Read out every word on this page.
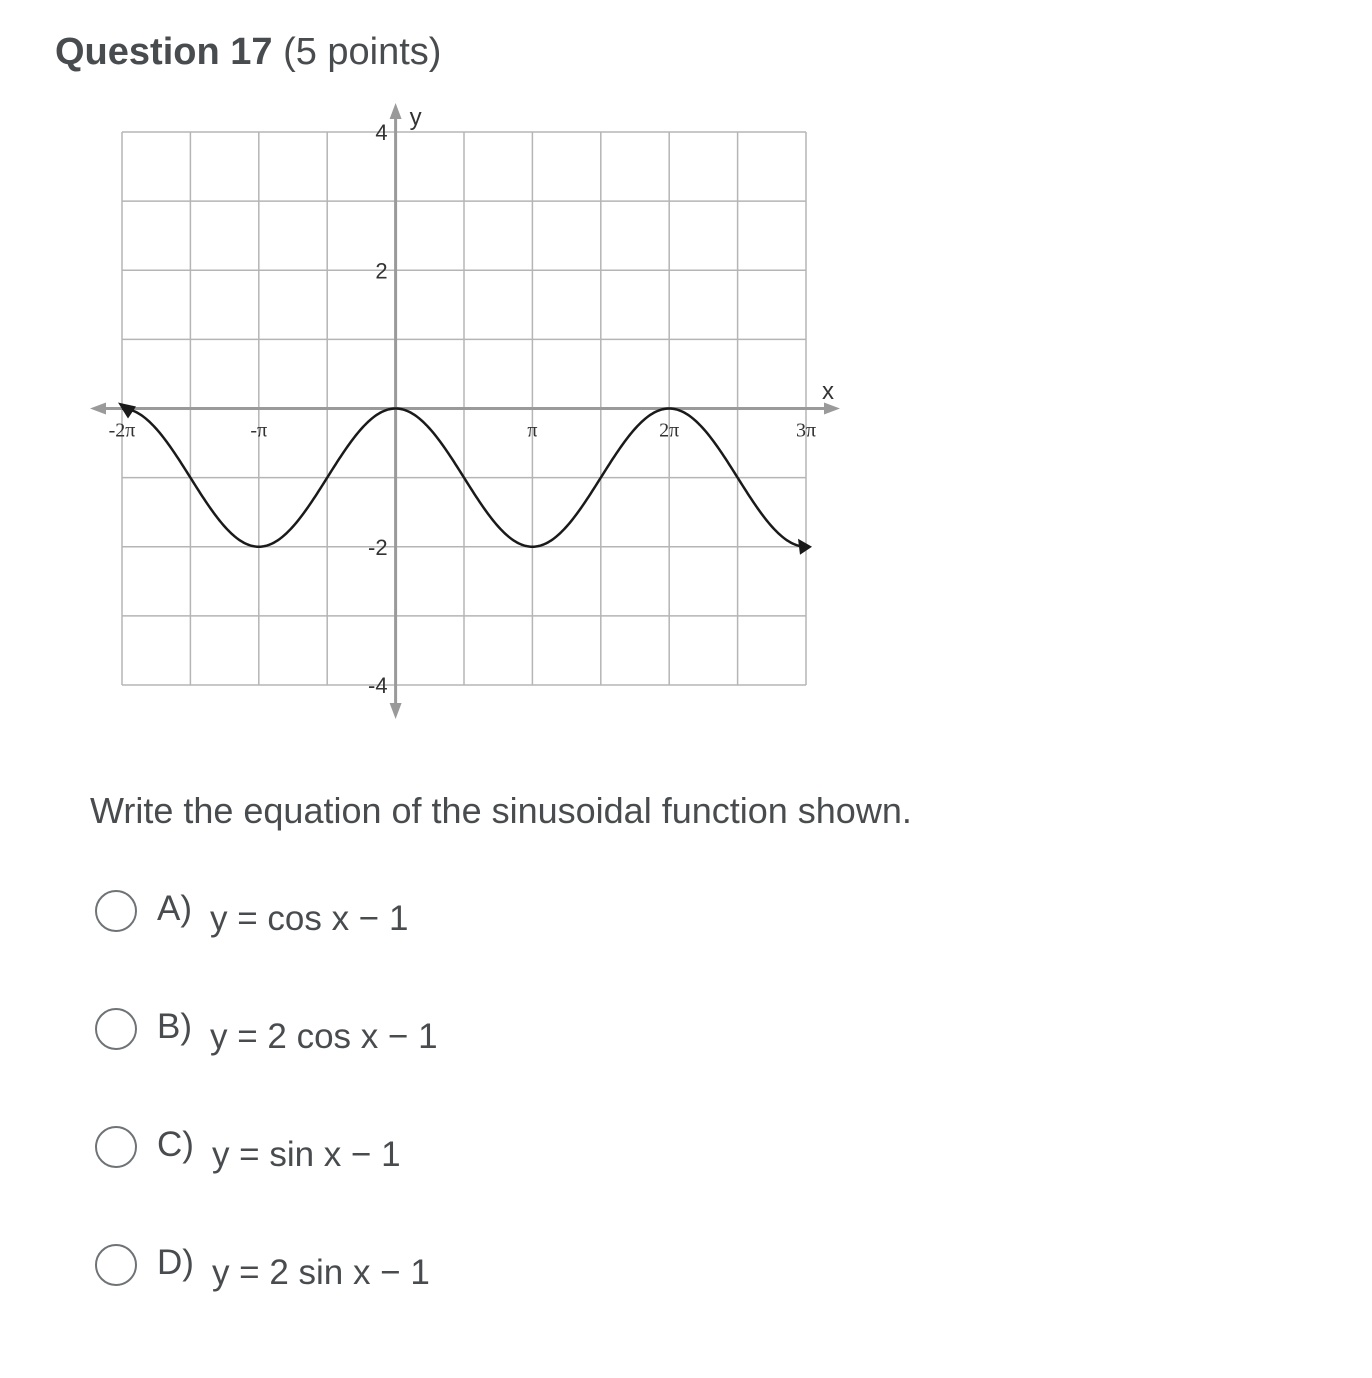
Question 17 (5 points)
x
y
-2π	-π	π	2π	3π
4
2
-2
-4
Write the equation of the sinusoidal function shown.
A) y = cos x − 1
B) y = 2 cos x − 1
C) y = sin x − 1
D) y = 2 sin x − 1
